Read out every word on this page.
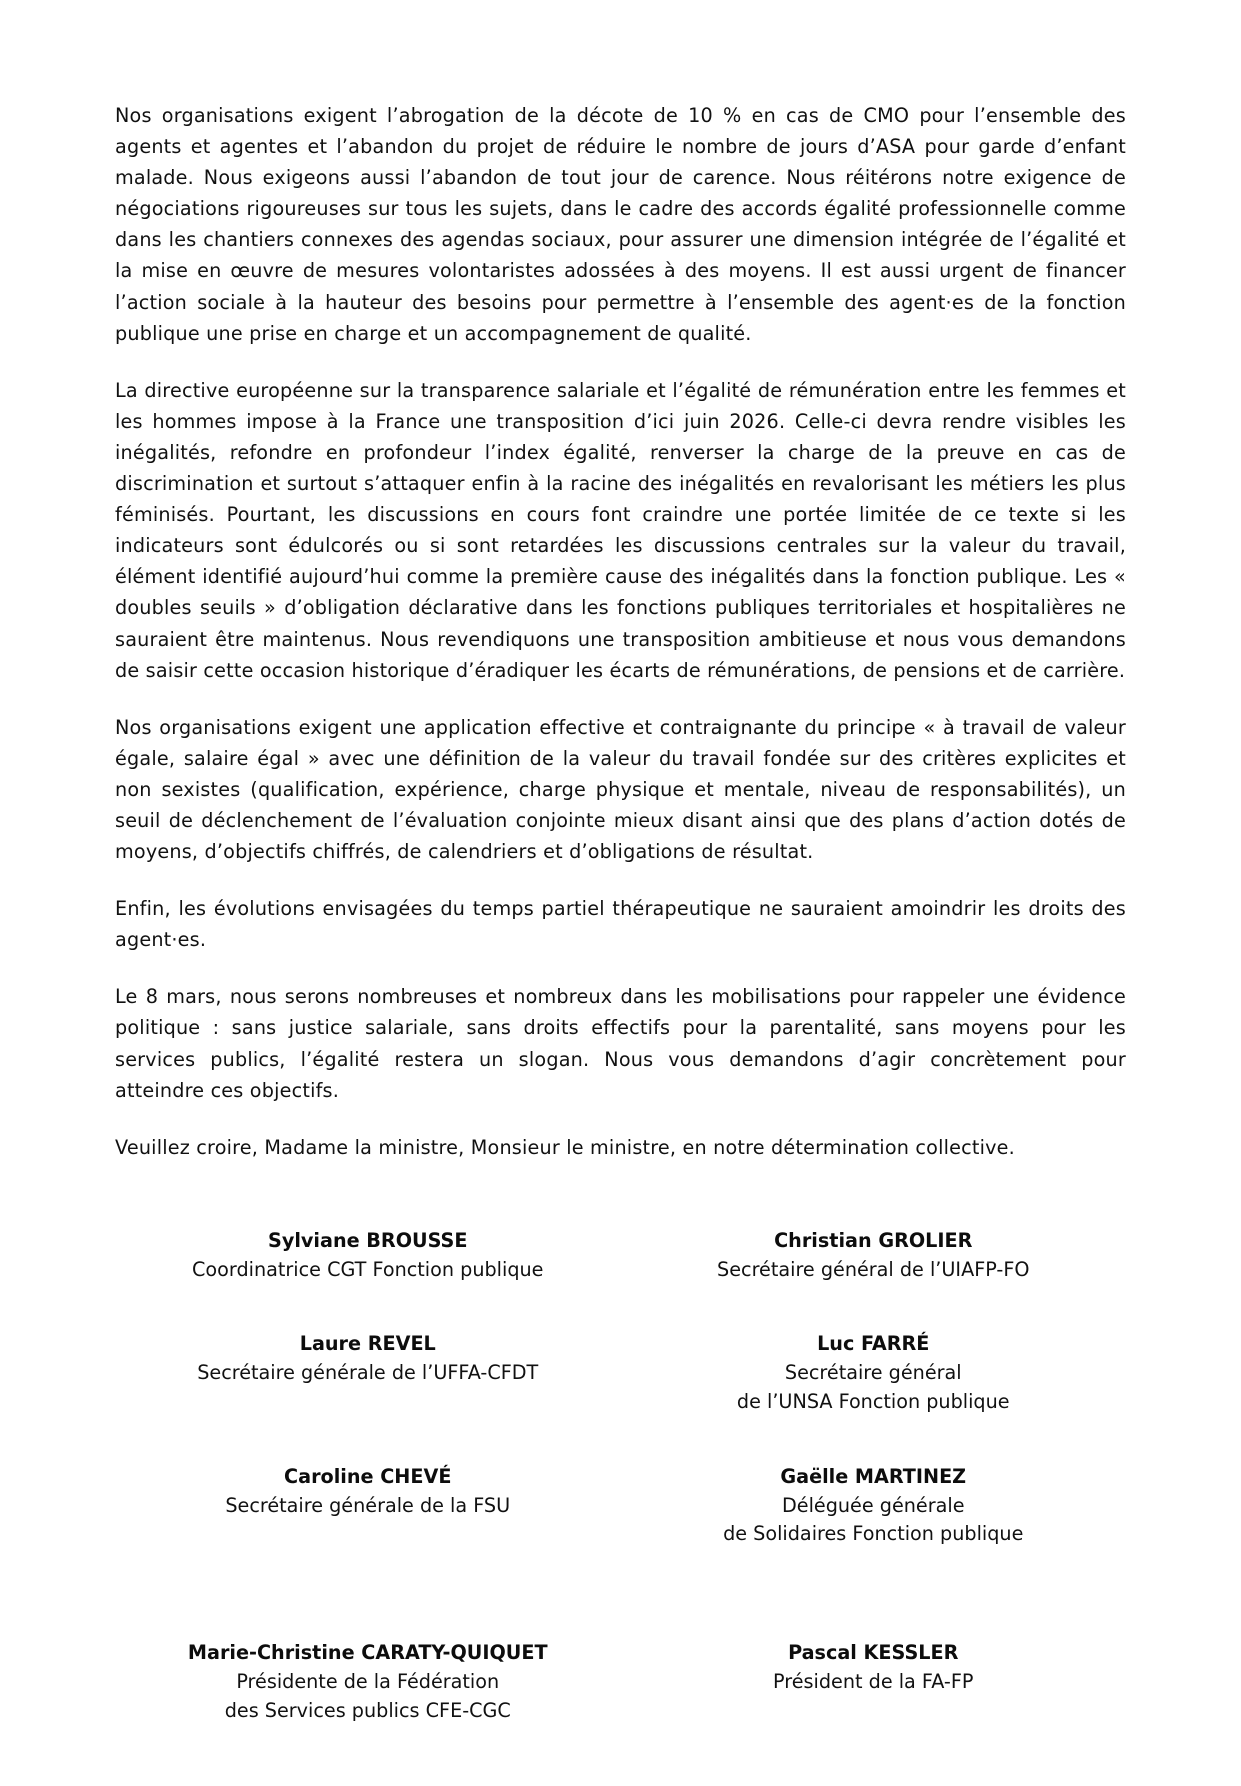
Nos organisations exigent l’abrogation de la décote de 10 % en cas de CMO pour l’ensemble des agents et agentes et l’abandon du projet de réduire le nombre de jours d’ASA pour garde d’enfant malade. Nous exigeons aussi l’abandon de tout jour de carence. Nous réitérons notre exigence de négociations rigoureuses sur tous les sujets, dans le cadre des accords égalité professionnelle comme dans les chantiers connexes des agendas sociaux, pour assurer une dimension intégrée de l’égalité et la mise en œuvre de mesures volontaristes adossées à des moyens. Il est aussi urgent de financer l’action sociale à la hauteur des besoins pour permettre à l’ensemble des agent·es de la fonction publique une prise en charge et un accompagnement de qualité.

La directive européenne sur la transparence salariale et l’égalité de rémunération entre les femmes et les hommes impose à la France une transposition d’ici juin 2026. Celle-ci devra rendre visibles les inégalités, refondre en profondeur l’index égalité, renverser la charge de la preuve en cas de discrimination et surtout s’attaquer enfin à la racine des inégalités en revalorisant les métiers les plus féminisés. Pourtant, les discussions en cours font craindre une portée limitée de ce texte si les indicateurs sont édulcorés ou si sont retardées les discussions centrales sur la valeur du travail, élément identifié aujourd’hui comme la première cause des inégalités dans la fonction publique. Les « doubles seuils » d’obligation déclarative dans les fonctions publiques territoriales et hospitalières ne sauraient être maintenus. Nous revendiquons une transposition ambitieuse et nous vous demandons de saisir cette occasion historique d’éradiquer les écarts de rémunérations, de pensions et de carrière.

Nos organisations exigent une application effective et contraignante du principe « à travail de valeur égale, salaire égal » avec une définition de la valeur du travail fondée sur des critères explicites et non sexistes (qualification, expérience, charge physique et mentale, niveau de responsabilités), un seuil de déclenchement de l’évaluation conjointe mieux disant ainsi que des plans d’action dotés de moyens, d’objectifs chiffrés, de calendriers et d’obligations de résultat.

Enfin, les évolutions envisagées du temps partiel thérapeutique ne sauraient amoindrir les droits des agent·es.

Le 8 mars, nous serons nombreuses et nombreux dans les mobilisations pour rappeler une évidence politique : sans justice salariale, sans droits effectifs pour la parentalité, sans moyens pour les services publics, l’égalité restera un slogan. Nous vous demandons d’agir concrètement pour atteindre ces objectifs.

Veuillez croire, Madame la ministre, Monsieur le ministre, en notre détermination collective.

Sylviane BROUSSE
Coordinatrice CGT Fonction publique
Christian GROLIER
Secrétaire général de l’UIAFP-FO
Laure REVEL
Secrétaire générale de l’UFFA-CFDT
Luc FARRÉ
Secrétaire général
de l’UNSA Fonction publique
Caroline CHEVÉ
Secrétaire générale de la FSU
Gaëlle MARTINEZ
Déléguée générale
de Solidaires Fonction publique
Marie-Christine CARATY-QUIQUET
Présidente de la Fédération
des Services publics CFE-CGC
Pascal KESSLER
Président de la FA-FP
